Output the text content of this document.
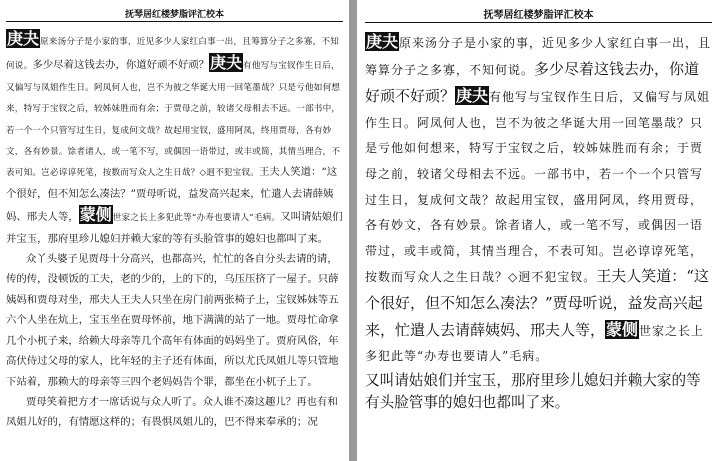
抚琴居红楼梦脂评汇校本

庚夬原来汤分子是小家的事，近见多少人家红白事一出，且筹算分子之多寡，不知何说。多少尽着这钱去办，你道好顽不好顽？庚夬有他写与宝钗作生日后，又偏写与凤姐作生日。阿凤何人也，岂不为彼之华诞大用一回笔墨哉？只是亏他如何想来，特写于宝钗之后，较姊妹胜而有余；于贾母之前，较诸父母相去不远。一部书中，若一个一个只管写过生日，复成何文哉？故起用宝钗，盛用阿凤，终用贾母，各有妙文，各有妙景。馀者诸人，或一笔不写，或偶因一语带过，或丰或简，其情当理合，不表可知。岂必谆谆死笔，按数而写众人之生日哉？◇迥不犯宝钗。王夫人笑道：“这个很好，但不知怎么凑法？”贾母听说，益发高兴起来，忙遣人去请薛姨妈、邢夫人等，蒙侧世家之长上多犯此等“办寿也要请人”毛病。又叫请姑娘们并宝玉，那府里珍儿媳妇并赖大家的等有头脸管事的媳妇也都叫了来。

众丫头婆子见贾母十分高兴，也都高兴，忙忙的各自分头去请的请，传的传，没顿饭的工夫，老的少的，上的下的，乌压压挤了一屋子。只薛姨妈和贾母对坐，邢夫人王夫人只坐在房门前两张椅子上，宝钗姊妹等五六个人坐在炕上，宝玉坐在贾母怀前，地下满满的站了一地。贾母忙命拿几个小杌子来，给赖大母亲等几个高年有体面的妈妈坐了。贾府风俗，年高伏侍过父母的家人，比年轻的主子还有体面，所以尤氏凤姐儿等只管地下站着，那赖大的母亲等三四个老妈妈告个罪，都坐在小杌子上了。

贾母笑着把方才一席话说与众人听了。众人谁不凑这趣儿？再也有和凤姐儿好的，有情愿这样的；有畏惧凤姐儿的，巴不得来奉承的；况

抚琴居红楼梦脂评汇校本

庚夬原来汤分子是小家的事，近见多少人家红白事一出，且筹算分子之多寡，不知何说。多少尽着这钱去办，你道好顽不好顽？庚夬有他写与宝钗作生日后，又偏写与凤姐作生日。阿凤何人也，岂不为彼之华诞大用一回笔墨哉？只是亏他如何想来，特写于宝钗之后，较姊妹胜而有余；于贾母之前，较诸父母相去不远。一部书中，若一个一个只管写过生日，复成何文哉？故起用宝钗，盛用阿凤，终用贾母，各有妙文，各有妙景。馀者诸人，或一笔不写，或偶因一语带过，或丰或简，其情当理合，不表可知。岂必谆谆死笔，按数而写众人之生日哉？◇迥不犯宝钗。王夫人笑道：“这个很好，但不知怎么凑法？”贾母听说，益发高兴起来，忙遣人去请薛姨妈、邢夫人等，蒙侧世家之长上多犯此等“办寿也要请人”毛病。

又叫请姑娘们并宝玉，那府里珍儿媳妇并赖大家的等有头脸管事的媳妇也都叫了来。
